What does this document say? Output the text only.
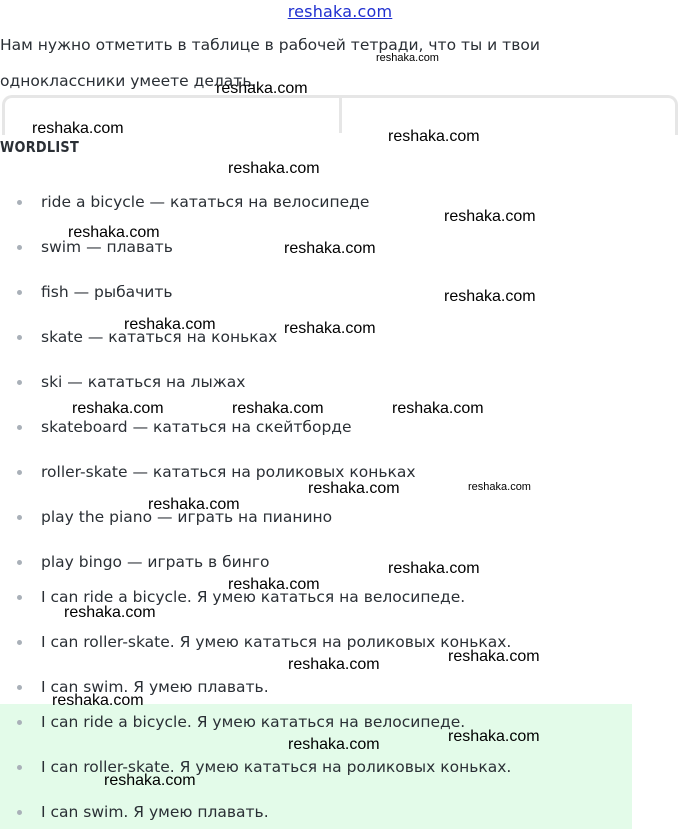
reshaka.com
Нам нужно отметить в таблице в рабочей тетради, что ты и твои одноклассники умеете делать.
WORDLIST
ride a bicycle — кататься на велосипеде
swim — плавать
fish — рыбачить
skate — кататься на коньках
ski — кататься на лыжах
skateboard — кататься на скейтборде
roller-skate — кататься на роликовых коньках
play the piano — играть на пианино
play bingo — играть в бинго
I can ride a bicycle. Я умею кататься на велосипеде.
I can roller-skate. Я умею кататься на роликовых коньках.
I can swim. Я умею плавать.
I can ride a bicycle. Я умею кататься на велосипеде.
I can roller-skate. Я умею кататься на роликовых коньках.
I can swim. Я умею плавать.
reshaka.com
reshaka.com
reshaka.com	reshaka.com
reshaka.com
reshaka.com
reshaka.com
reshaka.com
reshaka.com
reshaka.com	reshaka.com
reshaka.com	reshaka.com	reshaka.com
reshaka.com	reshaka.com
reshaka.com
reshaka.com
reshaka.com
reshaka.com
reshaka.com
reshaka.com
reshaka.com
reshaka.com
reshaka.com
reshaka.com
